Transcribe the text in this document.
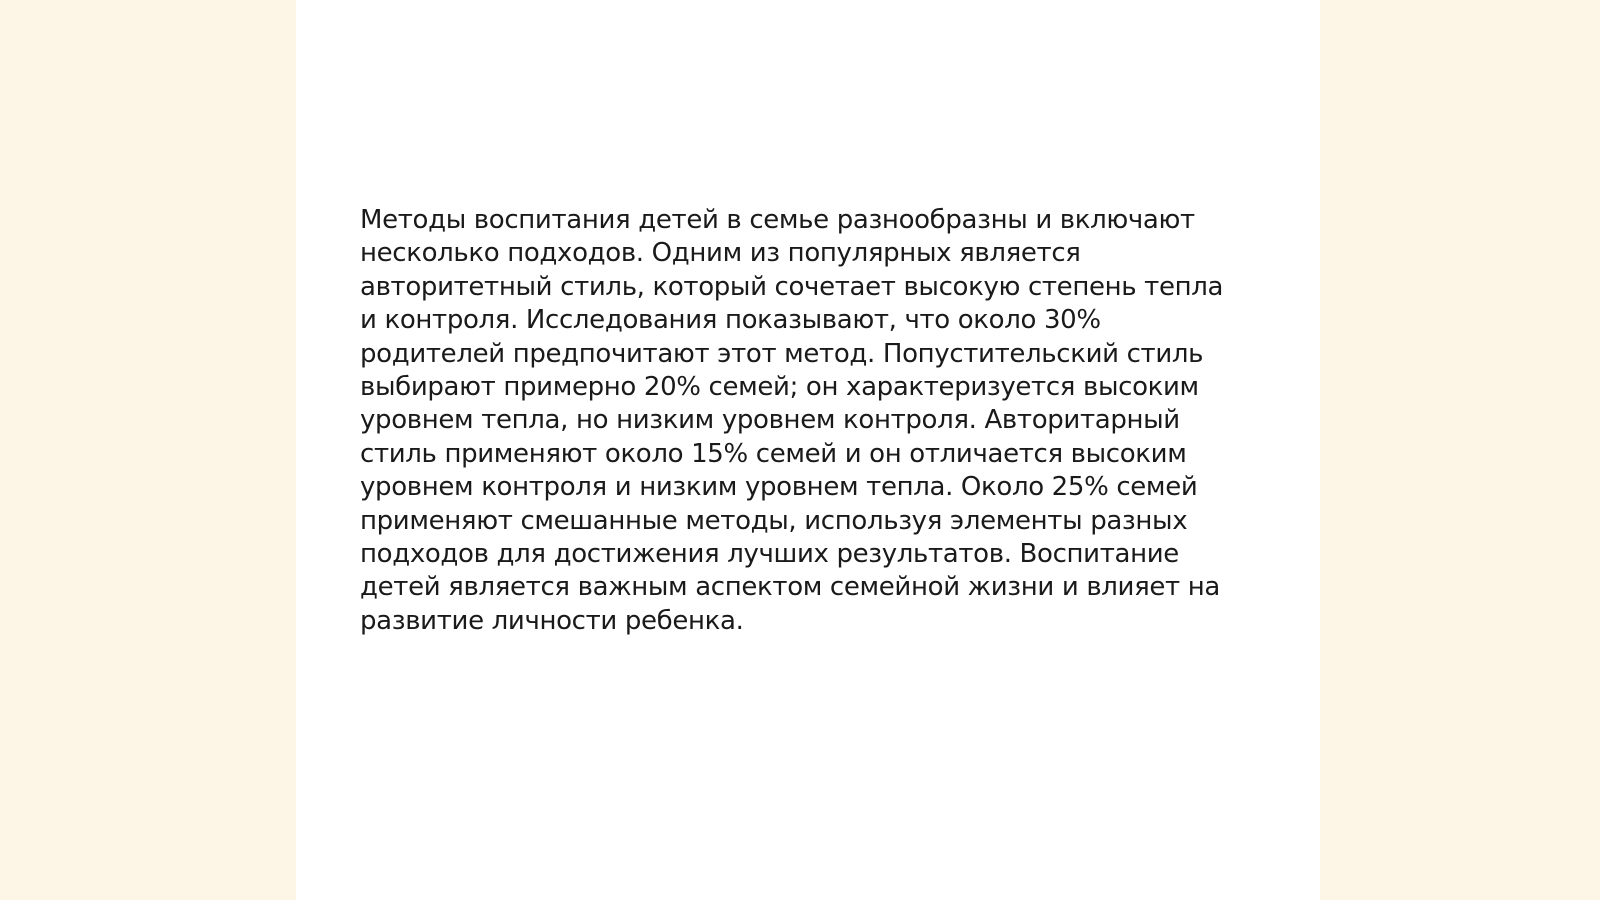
Методы воспитания детей в семье разнообразны и включают
несколько подходов. Одним из популярных является
авторитетный стиль, который сочетает высокую степень тепла
и контроля. Исследования показывают, что около 30%
родителей предпочитают этот метод. Попустительский стиль
выбирают примерно 20% семей; он характеризуется высоким
уровнем тепла, но низким уровнем контроля. Авторитарный
стиль применяют около 15% семей и он отличается высоким
уровнем контроля и низким уровнем тепла. Около 25% семей
применяют смешанные методы, используя элементы разных
подходов для достижения лучших результатов. Воспитание
детей является важным аспектом семейной жизни и влияет на
развитие личности ребенка.
